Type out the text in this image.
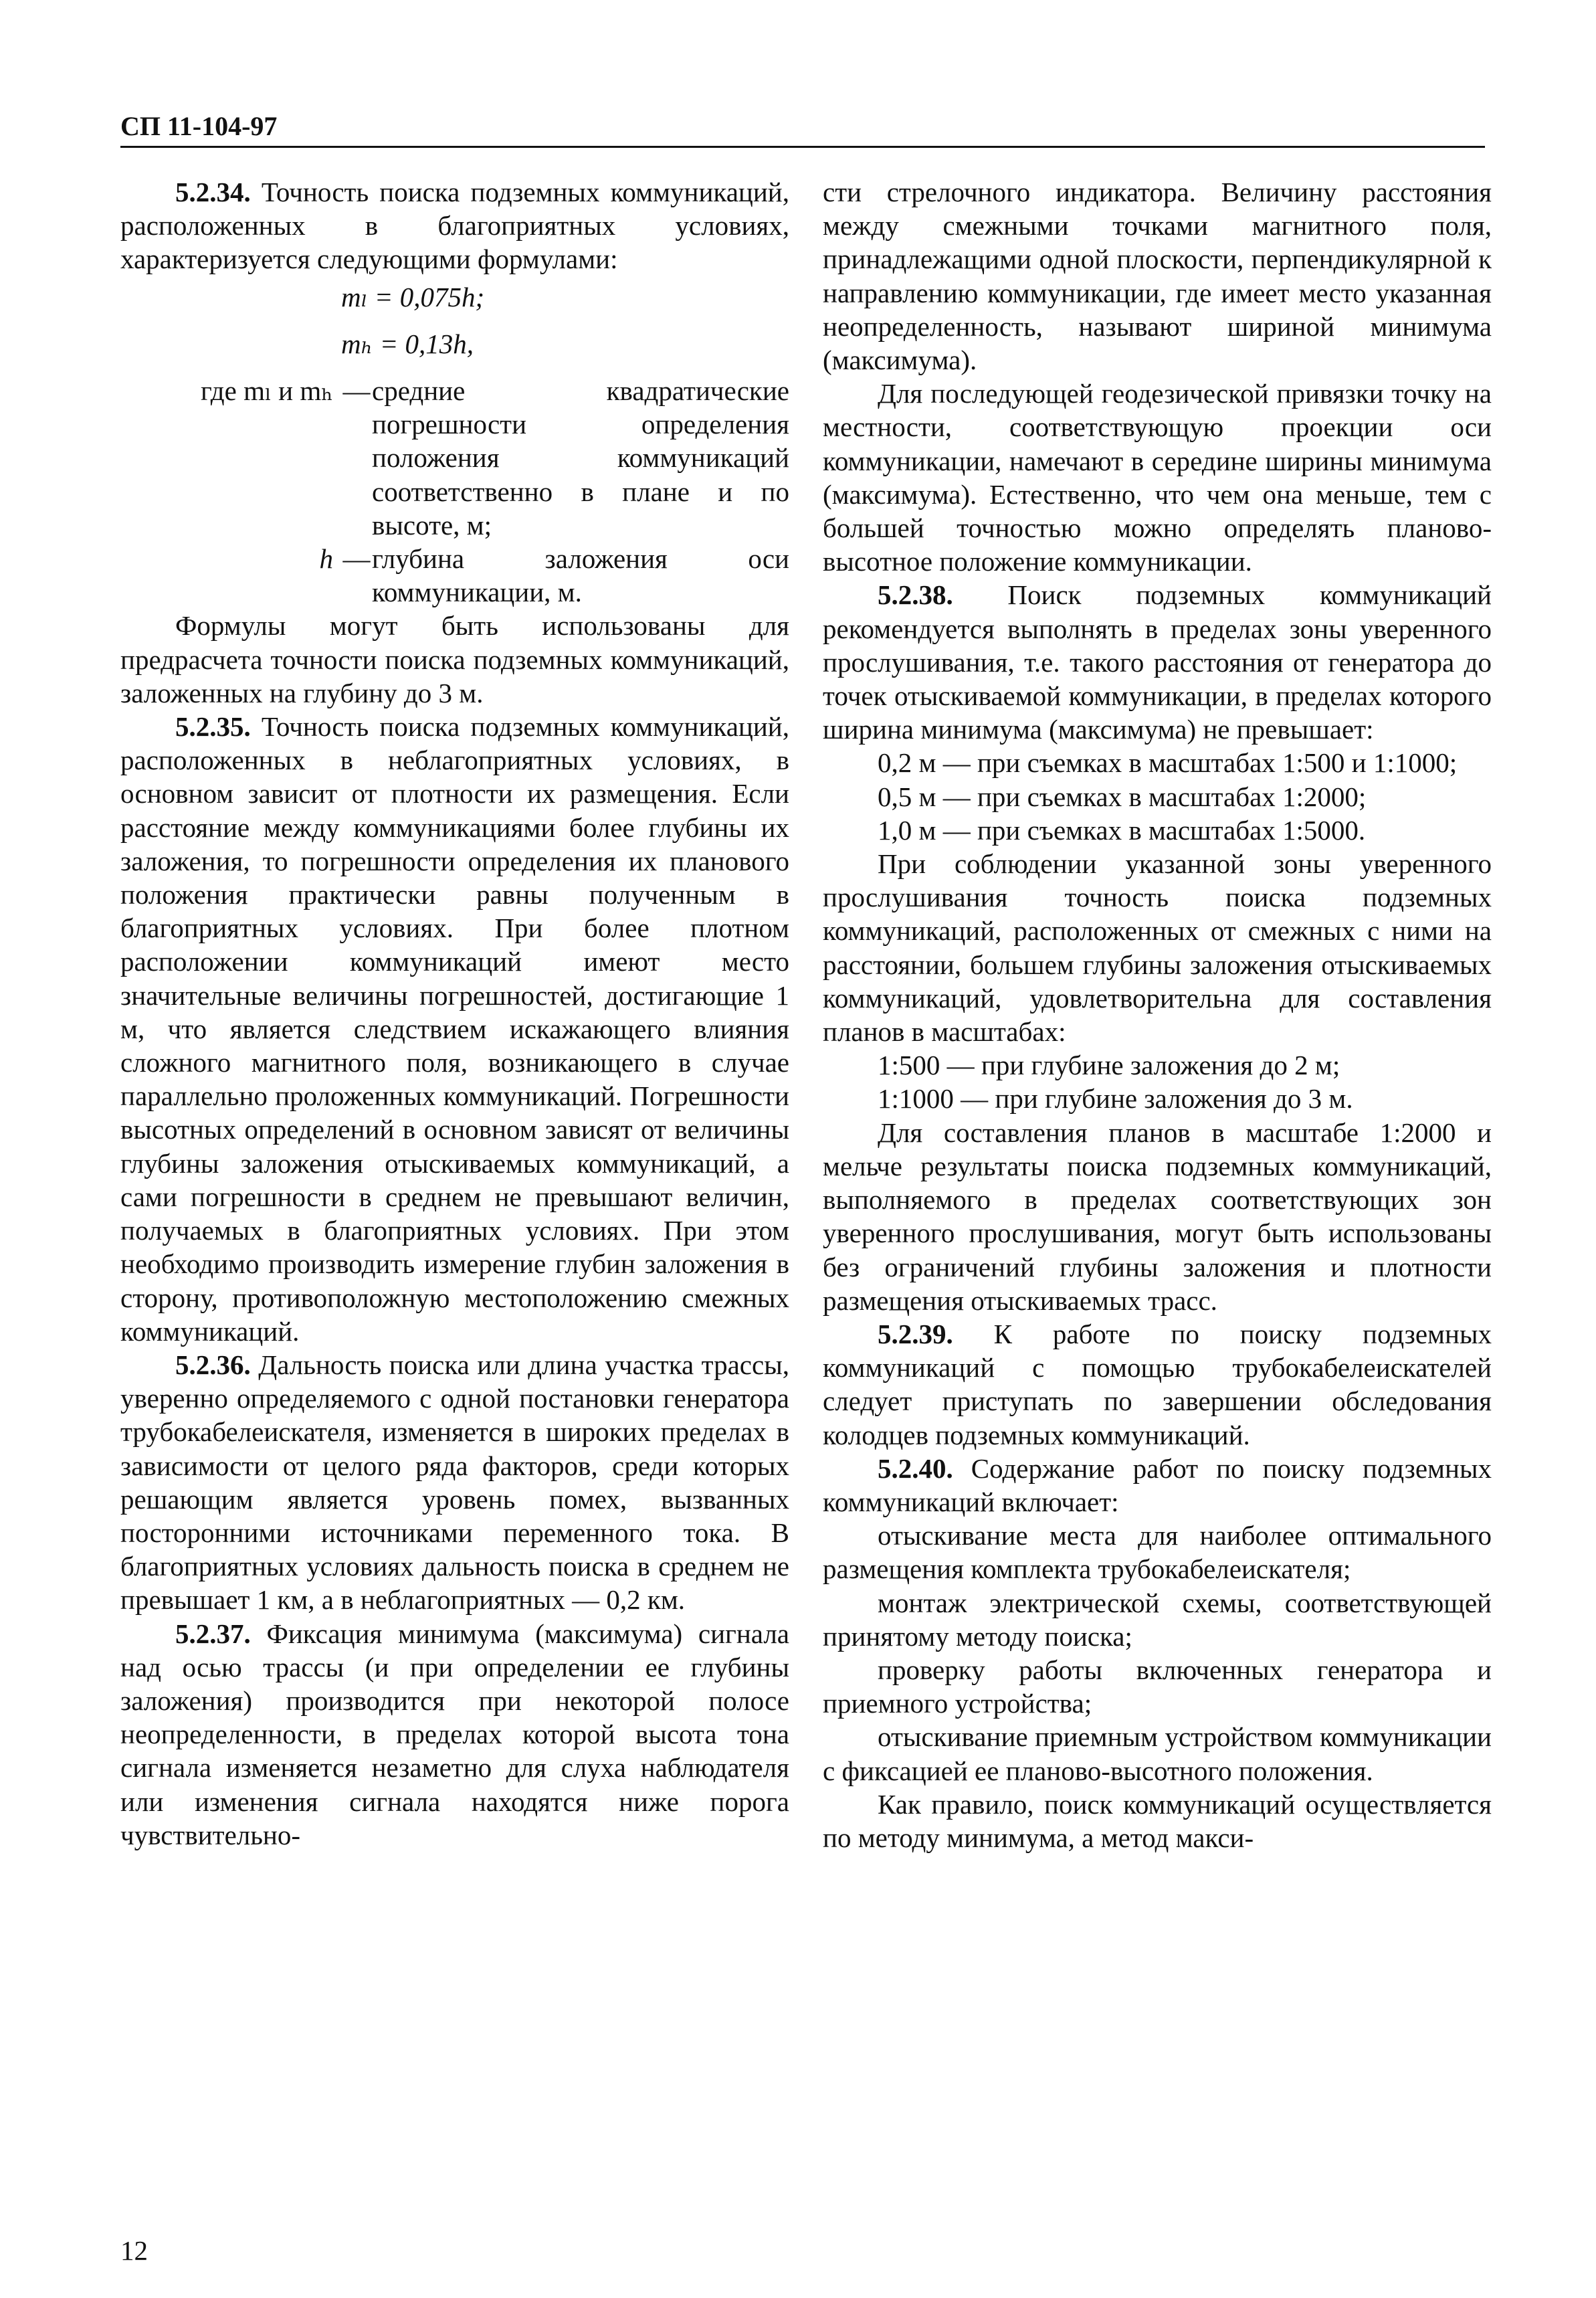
СП 11-104-97

5.2.34. Точность поиска подземных коммуникаций, расположенных в благоприятных условиях, характеризуется следующими формулами:

mₗ = 0,075h;

mₕ = 0,13h,

где mₗ и mₕ — средние квадратические погрешности определения положения коммуникаций соответственно в плане и по высоте, м;
h — глубина заложения оси коммуникации, м.

Формулы могут быть использованы для предрасчета точности поиска подземных коммуникаций, заложенных на глубину до 3 м.

5.2.35. Точность поиска подземных коммуникаций, расположенных в неблагоприятных условиях, в основном зависит от плотности их размещения. Если расстояние между коммуникациями более глубины их заложения, то погрешности определения их планового положения практически равны полученным в благоприятных условиях. При более плотном расположении коммуникаций имеют место значительные величины погрешностей, достигающие 1 м, что является следствием искажающего влияния сложного магнитного поля, возникающего в случае параллельно проложенных коммуникаций. Погрешности высотных определений в основном зависят от величины глубины заложения отыскиваемых коммуникаций, а сами погрешности в среднем не превышают величин, получаемых в благоприятных условиях. При этом необходимо производить измерение глубин заложения в сторону, противоположную местоположению смежных коммуникаций.

5.2.36. Дальность поиска или длина участка трассы, уверенно определяемого с одной постановки генератора трубокабелеискателя, изменяется в широких пределах в зависимости от целого ряда факторов, среди которых решающим является уровень помех, вызванных посторонними источниками переменного тока. В благоприятных условиях дальность поиска в среднем не превышает 1 км, а в неблагоприятных — 0,2 км.

5.2.37. Фиксация минимума (максимума) сигнала над осью трассы (и при определении ее глубины заложения) производится при некоторой полосе неопределенности, в пределах которой высота тона сигнала изменяется незаметно для слуха наблюдателя или изменения сигнала находятся ниже порога чувствительно-

сти стрелочного индикатора. Величину расстояния между смежными точками магнитного поля, принадлежащими одной плоскости, перпендикулярной к направлению коммуникации, где имеет место указанная неопределенность, называют шириной минимума (максимума).

Для последующей геодезической привязки точку на местности, соответствующую проекции оси коммуникации, намечают в середине ширины минимума (максимума). Естественно, что чем она меньше, тем с большей точностью можно определять планово-высотное положение коммуникации.

5.2.38. Поиск подземных коммуникаций рекомендуется выполнять в пределах зоны уверенного прослушивания, т.е. такого расстояния от генератора до точек отыскиваемой коммуникации, в пределах которого ширина минимума (максимума) не превышает:

0,2 м — при съемках в масштабах 1:500 и 1:1000;

0,5 м — при съемках в масштабах 1:2000;

1,0 м — при съемках в масштабах 1:5000.

При соблюдении указанной зоны уверенного прослушивания точность поиска подземных коммуникаций, расположенных от смежных с ними на расстоянии, большем глубины заложения отыскиваемых коммуникаций, удовлетворительна для составления планов в масштабах:

1:500 — при глубине заложения до 2 м;

1:1000 — при глубине заложения до 3 м.

Для составления планов в масштабе 1:2000 и мельче результаты поиска подземных коммуникаций, выполняемого в пределах соответствующих зон уверенного прослушивания, могут быть использованы без ограничений глубины заложения и плотности размещения отыскиваемых трасс.

5.2.39. К работе по поиску подземных коммуникаций с помощью трубокабелеискателей следует приступать по завершении обследования колодцев подземных коммуникаций.

5.2.40. Содержание работ по поиску подземных коммуникаций включает:

отыскивание места для наиболее оптимального размещения комплекта трубокабелеискателя;

монтаж электрической схемы, соответствующей принятому методу поиска;

проверку работы включенных генератора и приемного устройства;

отыскивание приемным устройством коммуникации с фиксацией ее планово-высотного положения.

Как правило, поиск коммуникаций осуществляется по методу минимума, а метод макси-

12
